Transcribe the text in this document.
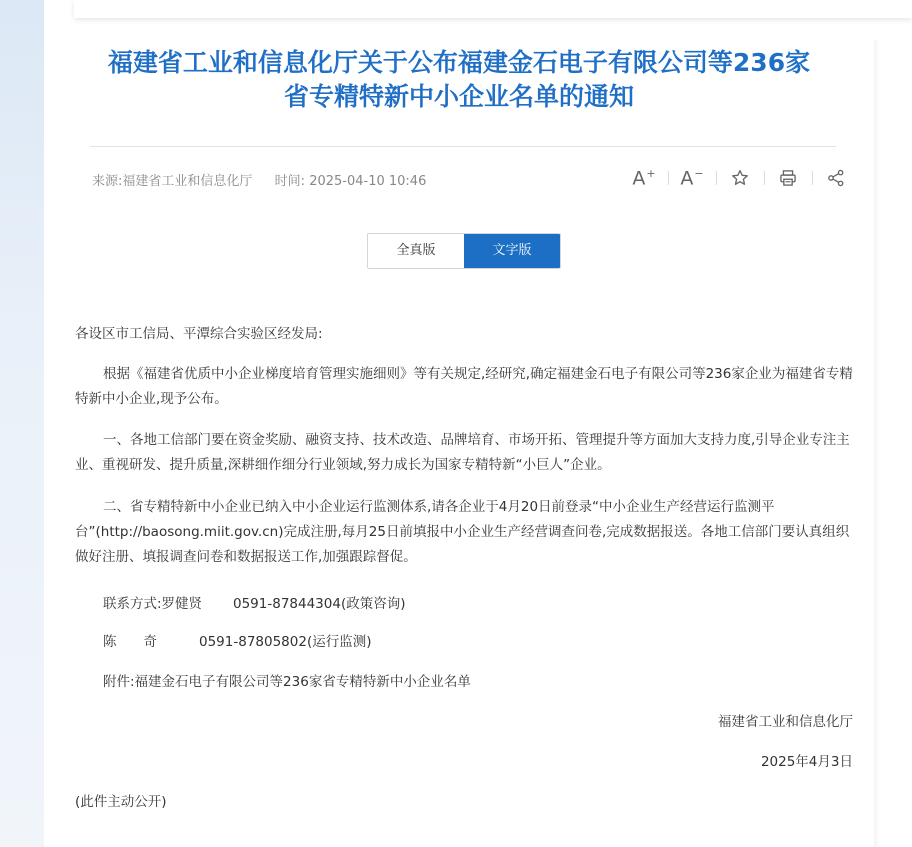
福建省工业和信息化厅关于公布福建金石电子有限公司等236家
省专精特新中小企业名单的通知
来源:福建省工业和信息化厅 时间: 2025-04-10 10:46	A+ A−
全真版	文字版

各设区市工信局、平潭综合实验区经发局:

根据《福建省优质中小企业梯度培育管理实施细则》等有关规定,经研究,确定福建金石电子有限公司等236家企业为福建省专精特新中小企业,现予公布。

一、各地工信部门要在资金奖励、融资支持、技术改造、品牌培育、市场开拓、管理提升等方面加大支持力度,引导企业专注主业、重视研发、提升质量,深耕细作细分行业领域,努力成长为国家专精特新“小巨人”企业。

二、省专精特新中小企业已纳入中小企业运行监测体系,请各企业于4月20日前登录“中小企业生产经营运行监测平台”(http://baosong.miit.gov.cn)完成注册,每月25日前填报中小企业生产经营调查问卷,完成数据报送。各地工信部门要认真组织做好注册、填报调查问卷和数据报送工作,加强跟踪督促。

联系方式:罗健贤 0591-87844304(政策咨询)

陈　　奇	0591-87805802(运行监测)

附件:福建金石电子有限公司等236家省专精特新中小企业名单

福建省工业和信息化厅

2025年4月3日

(此件主动公开)
